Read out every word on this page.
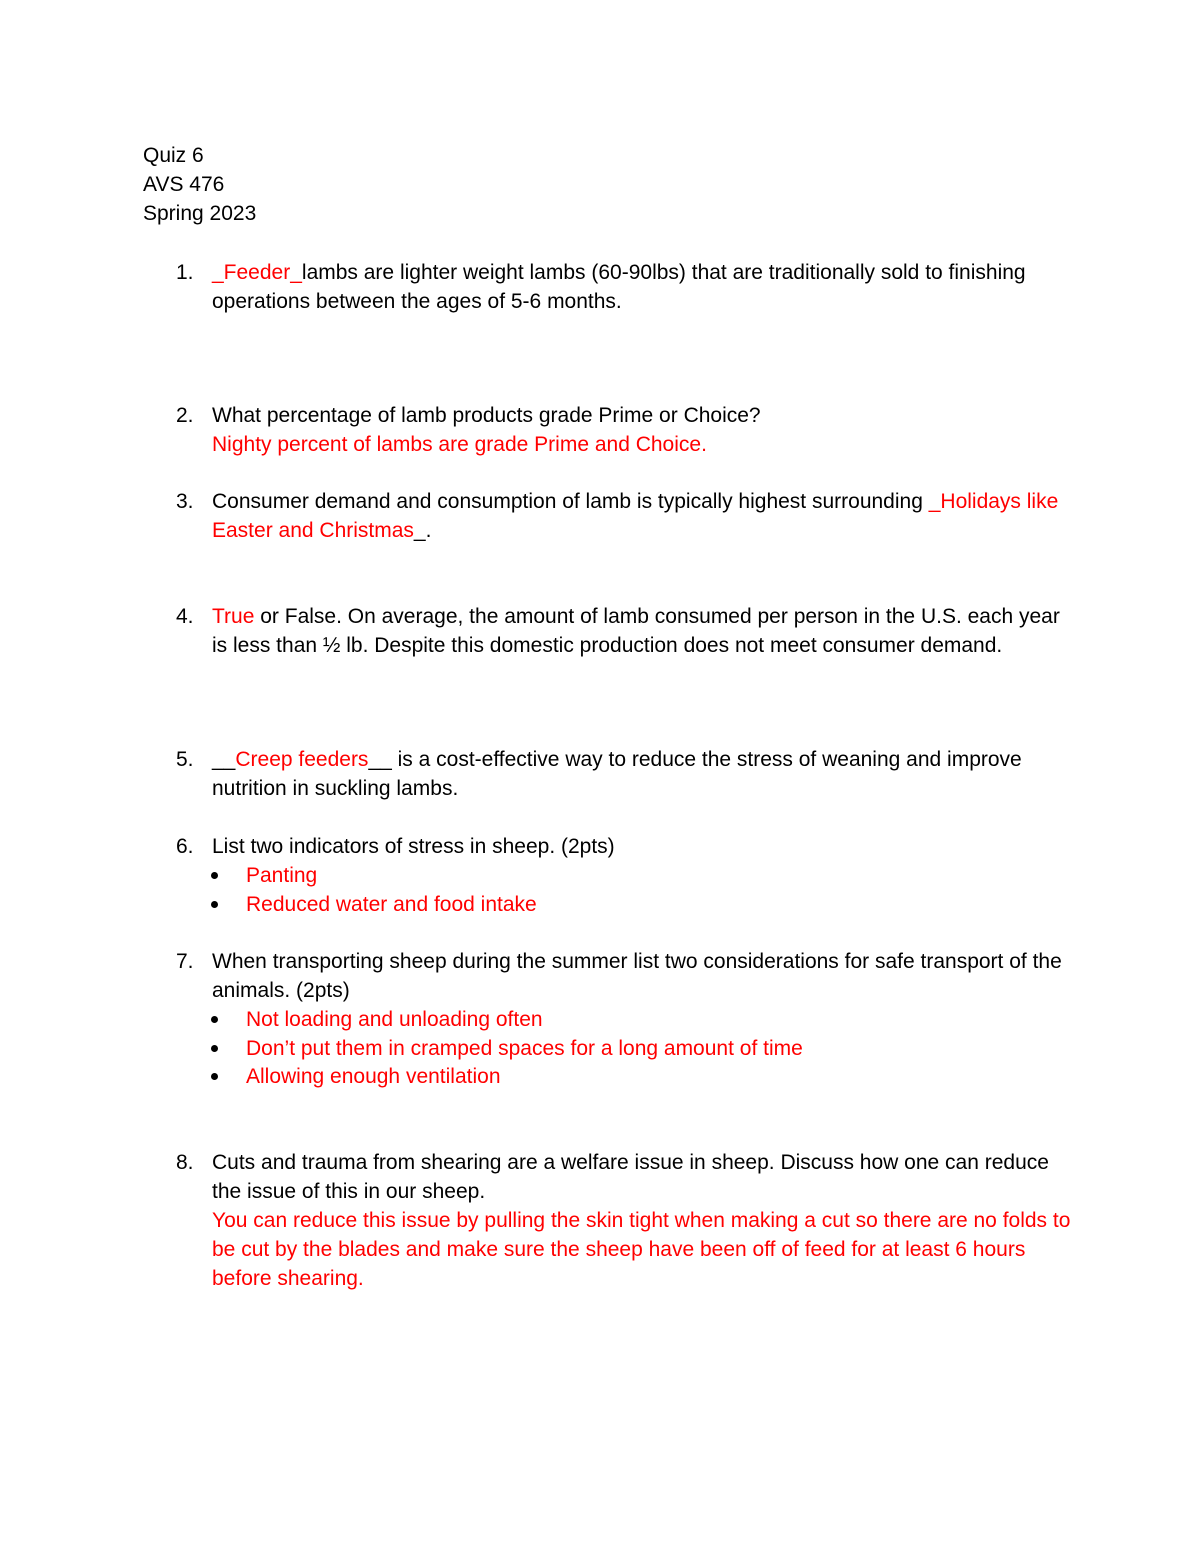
Quiz 6
AVS 476
Spring 2023
1. _Feeder_lambs are lighter weight lambs (60-90lbs) that are traditionally sold to finishing operations between the ages of 5-6 months.
2. What percentage of lamb products grade Prime or Choice?
Nighty percent of lambs are grade Prime and Choice.
3. Consumer demand and consumption of lamb is typically highest surrounding _Holidays like Easter and Christmas_.
4. True or False. On average, the amount of lamb consumed per person in the U.S. each year is less than ½ lb. Despite this domestic production does not meet consumer demand.
5. __Creep feeders__ is a cost-effective way to reduce the stress of weaning and improve nutrition in suckling lambs.
6. List two indicators of stress in sheep. (2pts)
Panting
Reduced water and food intake
7. When transporting sheep during the summer list two considerations for safe transport of the animals. (2pts)
Not loading and unloading often
Don’t put them in cramped spaces for a long amount of time
Allowing enough ventilation
8. Cuts and trauma from shearing are a welfare issue in sheep. Discuss how one can reduce the issue of this in our sheep.
You can reduce this issue by pulling the skin tight when making a cut so there are no folds to be cut by the blades and make sure the sheep have been off of feed for at least 6 hours before shearing.
